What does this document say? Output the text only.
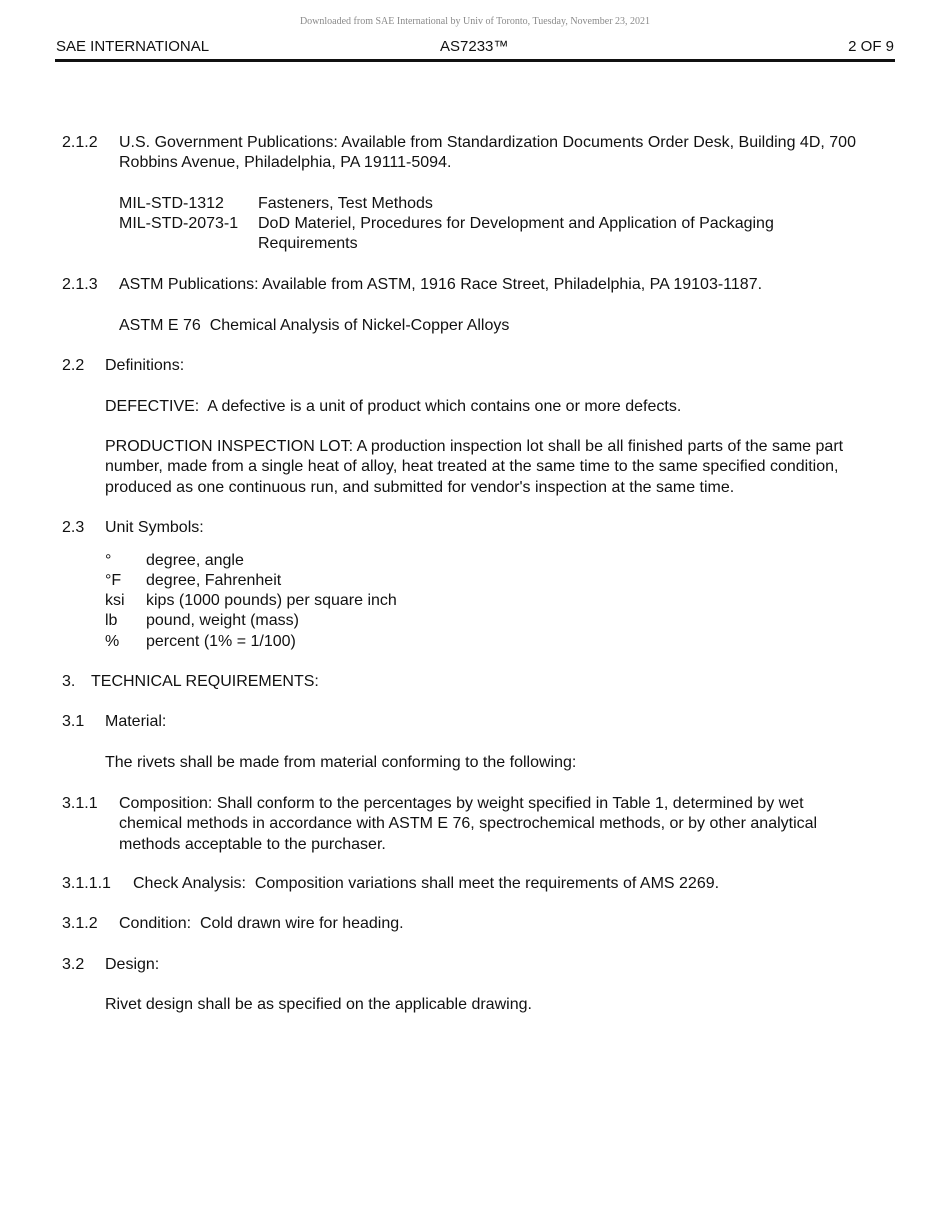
Downloaded from SAE International by Univ of Toronto, Tuesday, November 23, 2021
SAE INTERNATIONAL	AS7233™	2 OF 9
2.1.2 U.S. Government Publications: Available from Standardization Documents Order Desk, Building 4D, 700 Robbins Avenue, Philadelphia, PA 19111-5094.
MIL-STD-1312 Fasteners, Test Methods
MIL-STD-2073-1 DoD Materiel, Procedures for Development and Application of Packaging Requirements
2.1.3 ASTM Publications: Available from ASTM, 1916 Race Street, Philadelphia, PA 19103-1187.
ASTM E 76  Chemical Analysis of Nickel-Copper Alloys
2.2 Definitions:
DEFECTIVE:  A defective is a unit of product which contains one or more defects.
PRODUCTION INSPECTION LOT: A production inspection lot shall be all finished parts of the same part number, made from a single heat of alloy, heat treated at the same time to the same specified condition, produced as one continuous run, and submitted for vendor's inspection at the same time.
2.3 Unit Symbols:
° degree, angle
°F degree, Fahrenheit
ksi kips (1000 pounds) per square inch
lb pound, weight (mass)
% percent (1% = 1/100)
3. TECHNICAL REQUIREMENTS:
3.1 Material:
The rivets shall be made from material conforming to the following:
3.1.1 Composition: Shall conform to the percentages by weight specified in Table 1, determined by wet chemical methods in accordance with ASTM E 76, spectrochemical methods, or by other analytical methods acceptable to the purchaser.
3.1.1.1 Check Analysis:  Composition variations shall meet the requirements of AMS 2269.
3.1.2 Condition:  Cold drawn wire for heading.
3.2 Design:
Rivet design shall be as specified on the applicable drawing.
